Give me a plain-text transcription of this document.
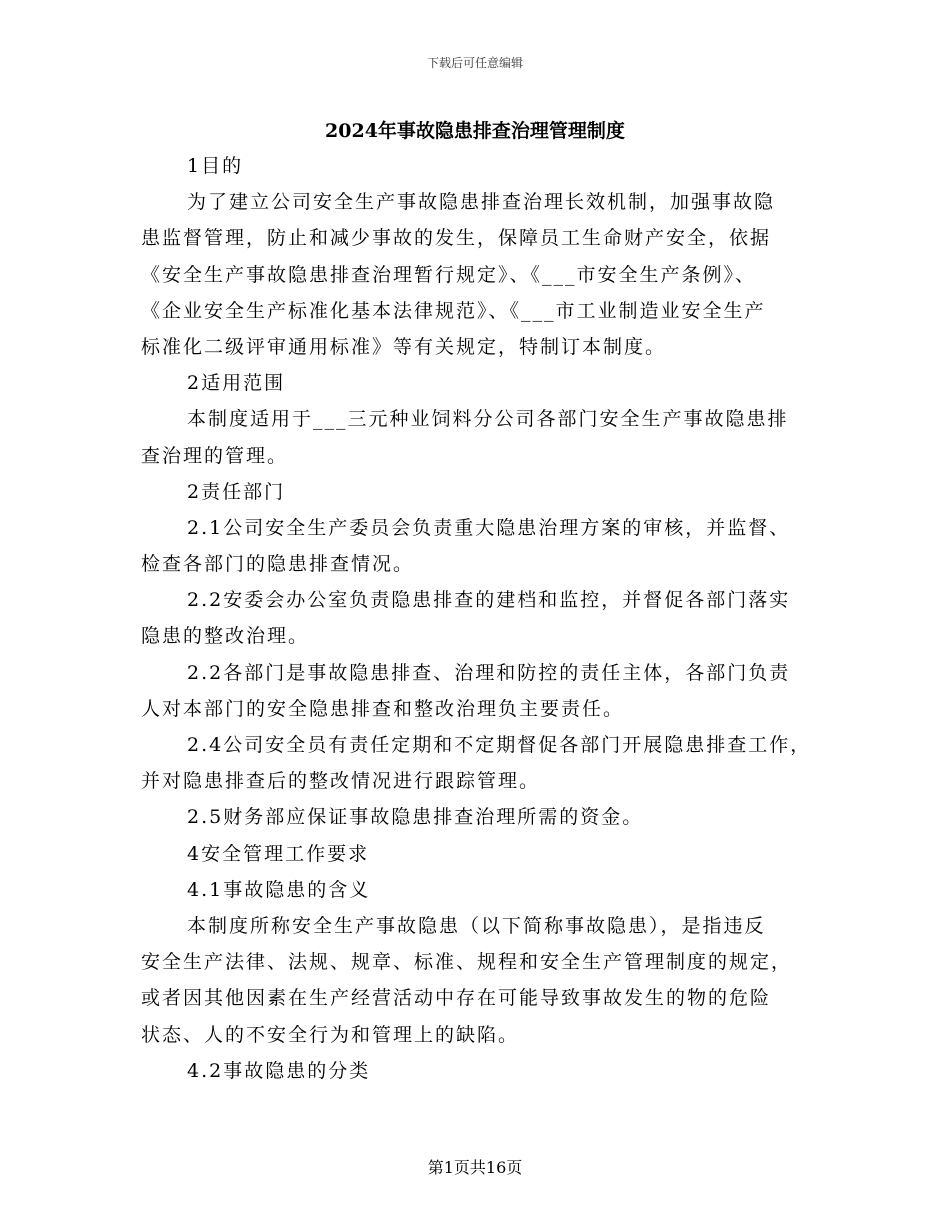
下载后可任意编辑
2024年事故隐患排查治理管理制度
1目的
为了建立公司安全生产事故隐患排查治理长效机制，加强事故隐
患监督管理，防止和减少事故的发生，保障员工生命财产安全，依据
《安全生产事故隐患排查治理暂行规定》、《___市安全生产条例》、
《企业安全生产标准化基本法律规范》、《___市工业制造业安全生产
标准化二级评审通用标准》等有关规定，特制订本制度。
2适用范围
本制度适用于___三元种业饲料分公司各部门安全生产事故隐患排
查治理的管理。
2责任部门
2.1公司安全生产委员会负责重大隐患治理方案的审核，并监督、
检查各部门的隐患排查情况。
2.2安委会办公室负责隐患排查的建档和监控，并督促各部门落实
隐患的整改治理。
2.2各部门是事故隐患排查、治理和防控的责任主体，各部门负责
人对本部门的安全隐患排查和整改治理负主要责任。
2.4公司安全员有责任定期和不定期督促各部门开展隐患排查工作，
并对隐患排查后的整改情况进行跟踪管理。
2.5财务部应保证事故隐患排查治理所需的资金。
4安全管理工作要求
4.1事故隐患的含义
本制度所称安全生产事故隐患（以下简称事故隐患），是指违反
安全生产法律、法规、规章、标准、规程和安全生产管理制度的规定，
或者因其他因素在生产经营活动中存在可能导致事故发生的物的危险
状态、人的不安全行为和管理上的缺陷。
4.2事故隐患的分类
第1页共16页
